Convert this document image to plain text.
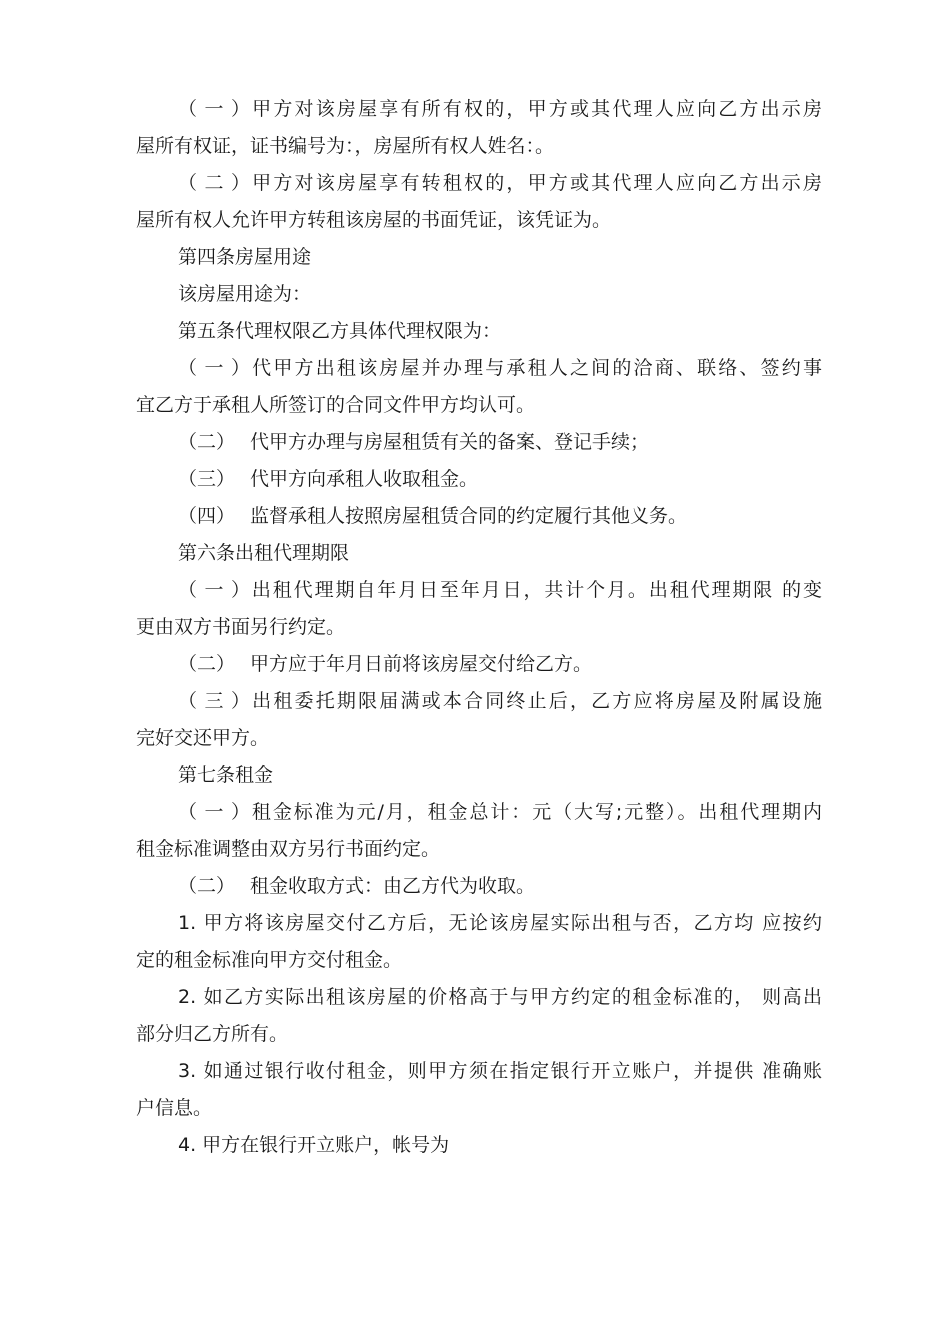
（一）甲方对该房屋享有所有权的，甲方或其代理人应向乙方出示房
屋所有权证，证书编号为：，房屋所有权人姓名：。

（二）甲方对该房屋享有转租权的，甲方或其代理人应向乙方出示房
屋所有权人允许甲方转租该房屋的书面凭证，该凭证为。

第四条房屋用途

该房屋用途为：

第五条代理权限乙方具体代理权限为：

（一）代甲方出租该房屋并办理与承租人之间的洽商、联络、签约事
宜乙方于承租人所签订的合同文件甲方均认可。

（二） 代甲方办理与房屋租赁有关的备案、登记手续；

（三） 代甲方向承租人收取租金。

（四） 监督承租人按照房屋租赁合同的约定履行其他义务。

第六条出租代理期限

（一）出租代理期自年月日至年月日，共计个月。出租代理期限 的变
更由双方书面另行约定。

（二） 甲方应于年月日前将该房屋交付给乙方。

（三）出租委托期限届满或本合同终止后，乙方应将房屋及附属设施
完好交还甲方。

第七条租金

（一）租金标准为元/月，租金总计：元（大写;元整）。出租代理期内
租金标准调整由双方另行书面约定。

（二） 租金收取方式：由乙方代为收取。

1. 甲方将该房屋交付乙方后，无论该房屋实际出租与否，乙方均 应按约
定的租金标准向甲方交付租金。

2. 如乙方实际出租该房屋的价格高于与甲方约定的租金标准的， 则高出
部分归乙方所有。

3. 如通过银行收付租金，则甲方须在指定银行开立账户，并提供 准确账
户信息。

4. 甲方在银行开立账户，帐号为
